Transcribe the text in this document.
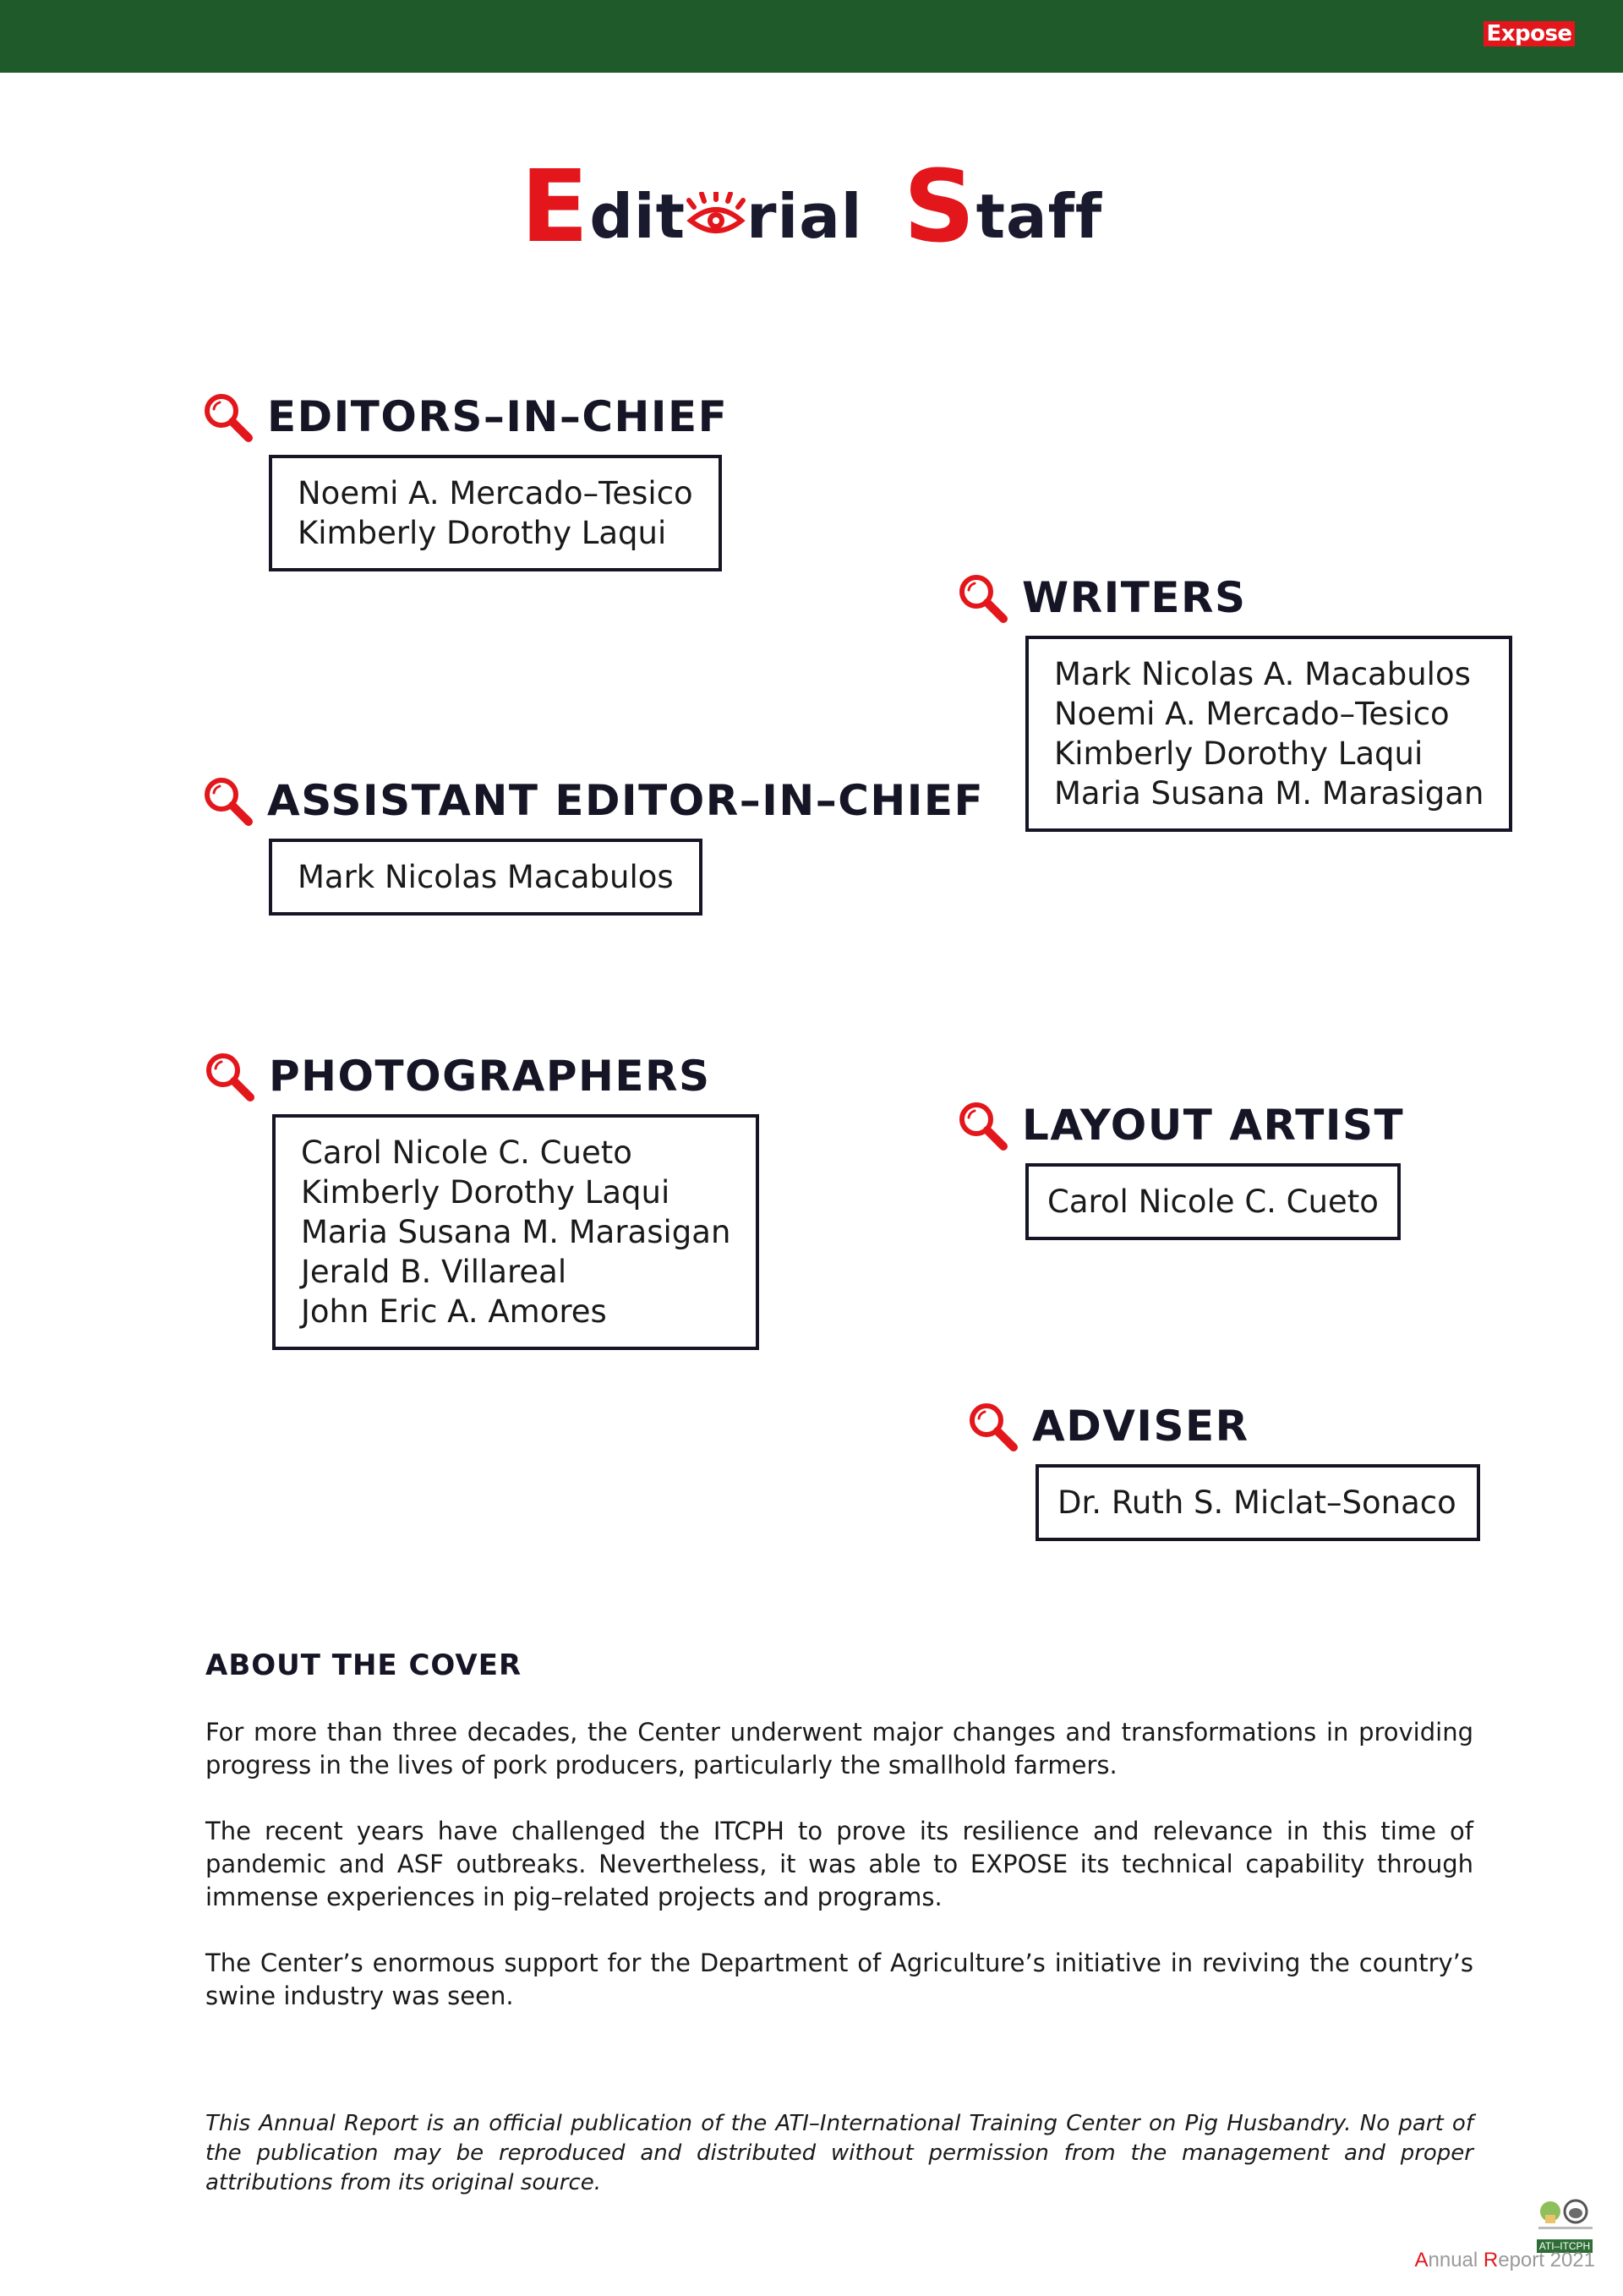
Expose
Edit rial Staff
EDITORS–IN–CHIEF
Noemi A. Mercado–Tesico
Kimberly Dorothy Laqui
WRITERS
Mark Nicolas A. Macabulos
Noemi A. Mercado–Tesico
Kimberly Dorothy Laqui
Maria Susana M. Marasigan
ASSISTANT EDITOR–IN–CHIEF
Mark Nicolas Macabulos
PHOTOGRAPHERS
Carol Nicole C. Cueto
Kimberly Dorothy Laqui
Maria Susana M. Marasigan
Jerald B. Villareal
John Eric A. Amores
LAYOUT ARTIST
Carol Nicole C. Cueto
ADVISER
Dr. Ruth S. Miclat–Sonaco
ABOUT THE COVER
For more than three decades, the Center underwent major changes and transformations in providing progress in the lives of pork producers, particularly the smallhold farmers.
The recent years have challenged the ITCPH to prove its resilience and relevance in this time of pandemic and ASF outbreaks. Nevertheless, it was able to EXPOSE its technical capability through immense experiences in pig–related projects and programs.
The Center’s enormous support for the Department of Agriculture’s initiative in reviving the country’s swine industry was seen.
This Annual Report is an official publication of the ATI–International Training Center on Pig Husbandry. No part of the publication may be reproduced and distributed without permission from the management and proper attributions from its original source.
ATI–ITCPH
Annual Report 2021
